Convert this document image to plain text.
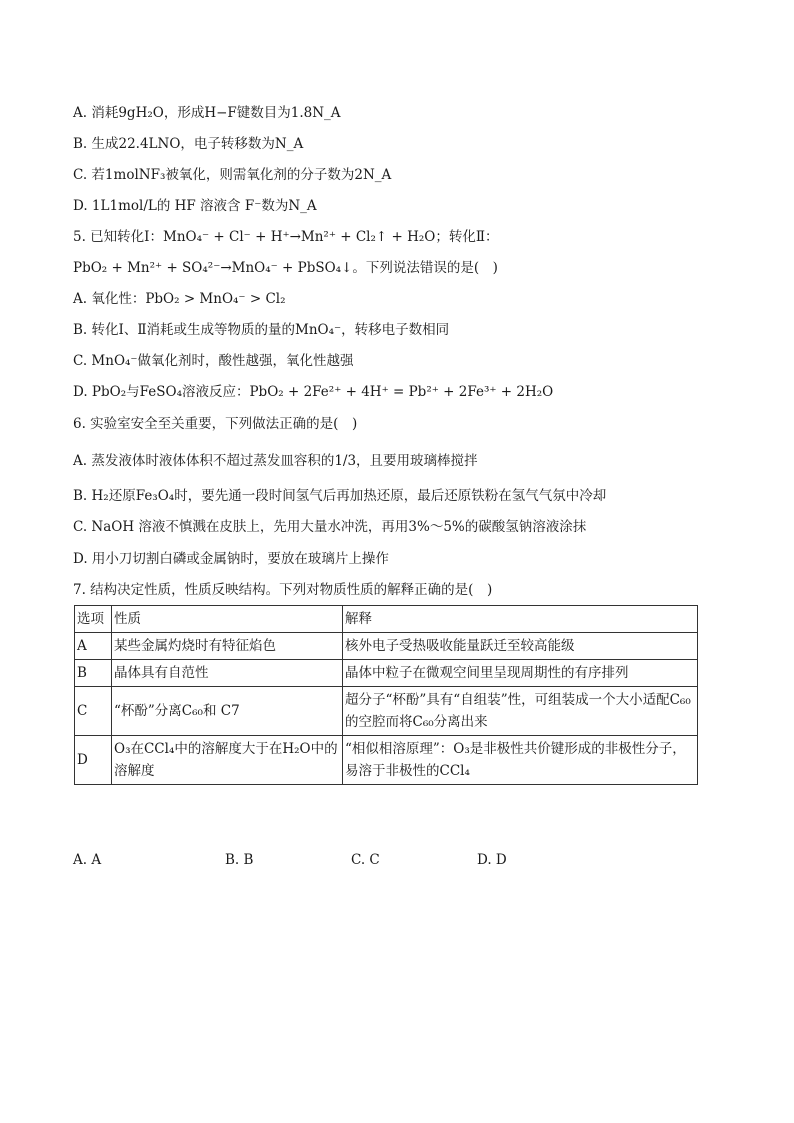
A. 消耗9gH₂O，形成H−F键数目为1.8N_A
B. 生成22.4LNO，电子转移数为N_A
C. 若1molNF₃被氧化，则需氧化剂的分子数为2N_A
D. 1L1mol/L的 HF 溶液含 F⁻数为N_A
5. 已知转化Ⅰ：MnO₄⁻ + Cl⁻ + H⁺→Mn²⁺ + Cl₂↑ + H₂O；转化Ⅱ：
PbO₂ + Mn²⁺ + SO₄²⁻→MnO₄⁻ + PbSO₄↓。下列说法错误的是(　)
A. 氧化性：PbO₂ > MnO₄⁻ > Cl₂
B. 转化Ⅰ、Ⅱ消耗或生成等物质的量的MnO₄⁻，转移电子数相同
C. MnO₄⁻做氧化剂时，酸性越强，氧化性越强
D. PbO₂与FeSO₄溶液反应：PbO₂ + 2Fe²⁺ + 4H⁺ = Pb²⁺ + 2Fe³⁺ + 2H₂O
6. 实验室安全至关重要，下列做法正确的是(　)
A. 蒸发液体时液体体积不超过蒸发皿容积的1/3，且要用玻璃棒搅拌
B. H₂还原Fe₃O₄时，要先通一段时间氢气后再加热还原，最后还原铁粉在氢气气氛中冷却
C. NaOH 溶液不慎溅在皮肤上，先用大量水冲洗，再用3%～5%的碳酸氢钠溶液涂抹
D. 用小刀切割白磷或金属钠时，要放在玻璃片上操作
7. 结构决定性质，性质反映结构。下列对物质性质的解释正确的是(　)
选项	性质	解释
A	某些金属灼烧时有特征焰色	核外电子受热吸收能量跃迁至较高能级
B	晶体具有自范性	晶体中粒子在微观空间里呈现周期性的有序排列
C	“杯酚”分离C₆₀和 C7	超分子“杯酚”具有“自组装”性，可组装成一个大小适配C₆₀的空腔而将C₆₀分离出来
D	O₃在CCl₄中的溶解度大于在H₂O中的溶解度	“相似相溶原理”：O₃是非极性共价键形成的非极性分子，易溶于非极性的CCl₄
A. A	B. B	C. C	D. D
